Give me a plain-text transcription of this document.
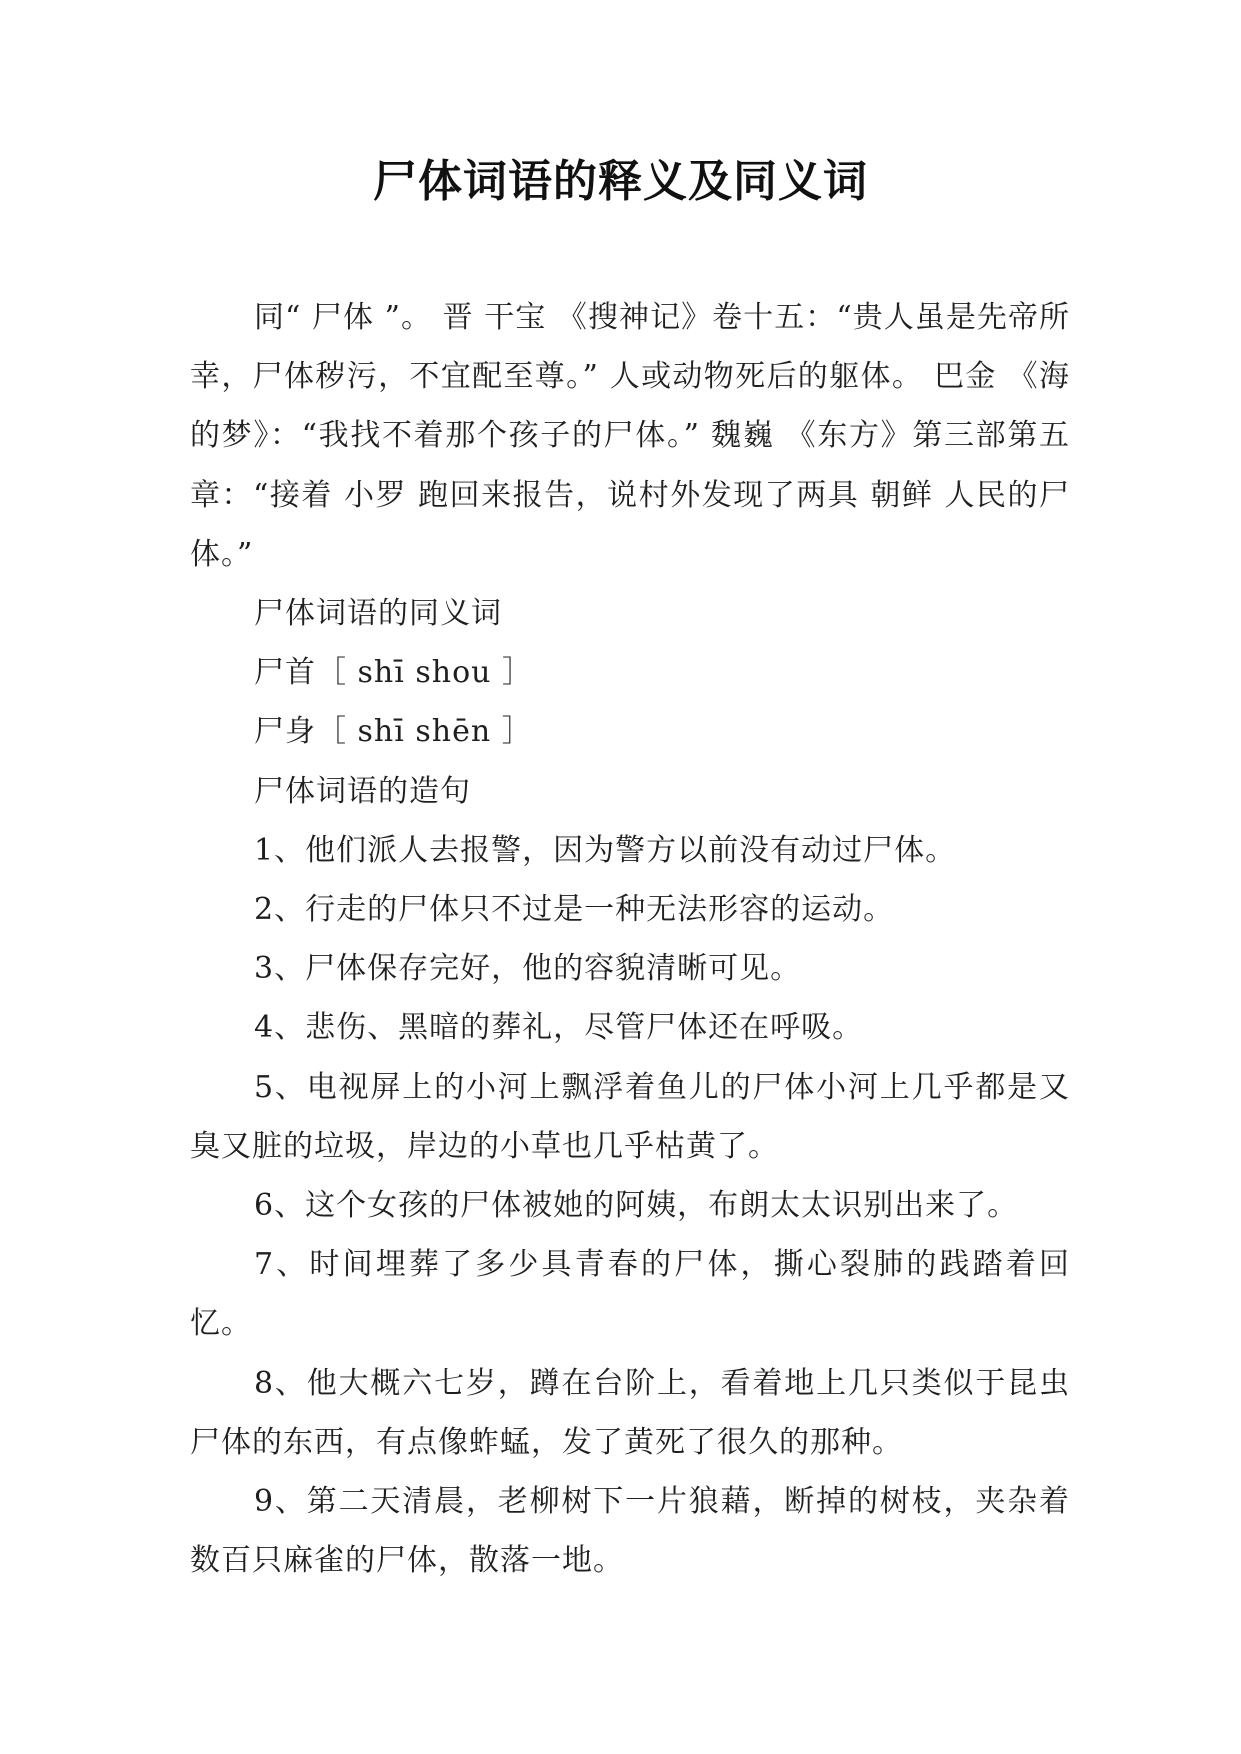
尸体词语的释义及同义词

同“ 尸体 ”。 晋 干宝 《搜神记》卷十五：“贵人虽是先帝所幸，尸体秽污，不宜配至尊。” 人或动物死后的躯体。 巴金 《海的梦》：“我找不着那个孩子的尸体。” 魏巍 《东方》第三部第五章：“接着 小罗 跑回来报告，说村外发现了两具 朝鲜 人民的尸体。”

尸体词语的同义词

尸首［ shī shou ］

尸身［ shī shēn ］

尸体词语的造句

1、他们派人去报警，因为警方以前没有动过尸体。

2、行走的尸体只不过是一种无法形容的运动。

3、尸体保存完好，他的容貌清晰可见。

4、悲伤、黑暗的葬礼，尽管尸体还在呼吸。

5、电视屏上的小河上飘浮着鱼儿的尸体小河上几乎都是又臭又脏的垃圾，岸边的小草也几乎枯黄了。

6、这个女孩的尸体被她的阿姨，布朗太太识别出来了。

7、时间埋葬了多少具青春的尸体，撕心裂肺的践踏着回忆。

8、他大概六七岁，蹲在台阶上，看着地上几只类似于昆虫尸体的东西，有点像蚱蜢，发了黄死了很久的那种。

9、第二天清晨，老柳树下一片狼藉，断掉的树枝，夹杂着数百只麻雀的尸体，散落一地。
